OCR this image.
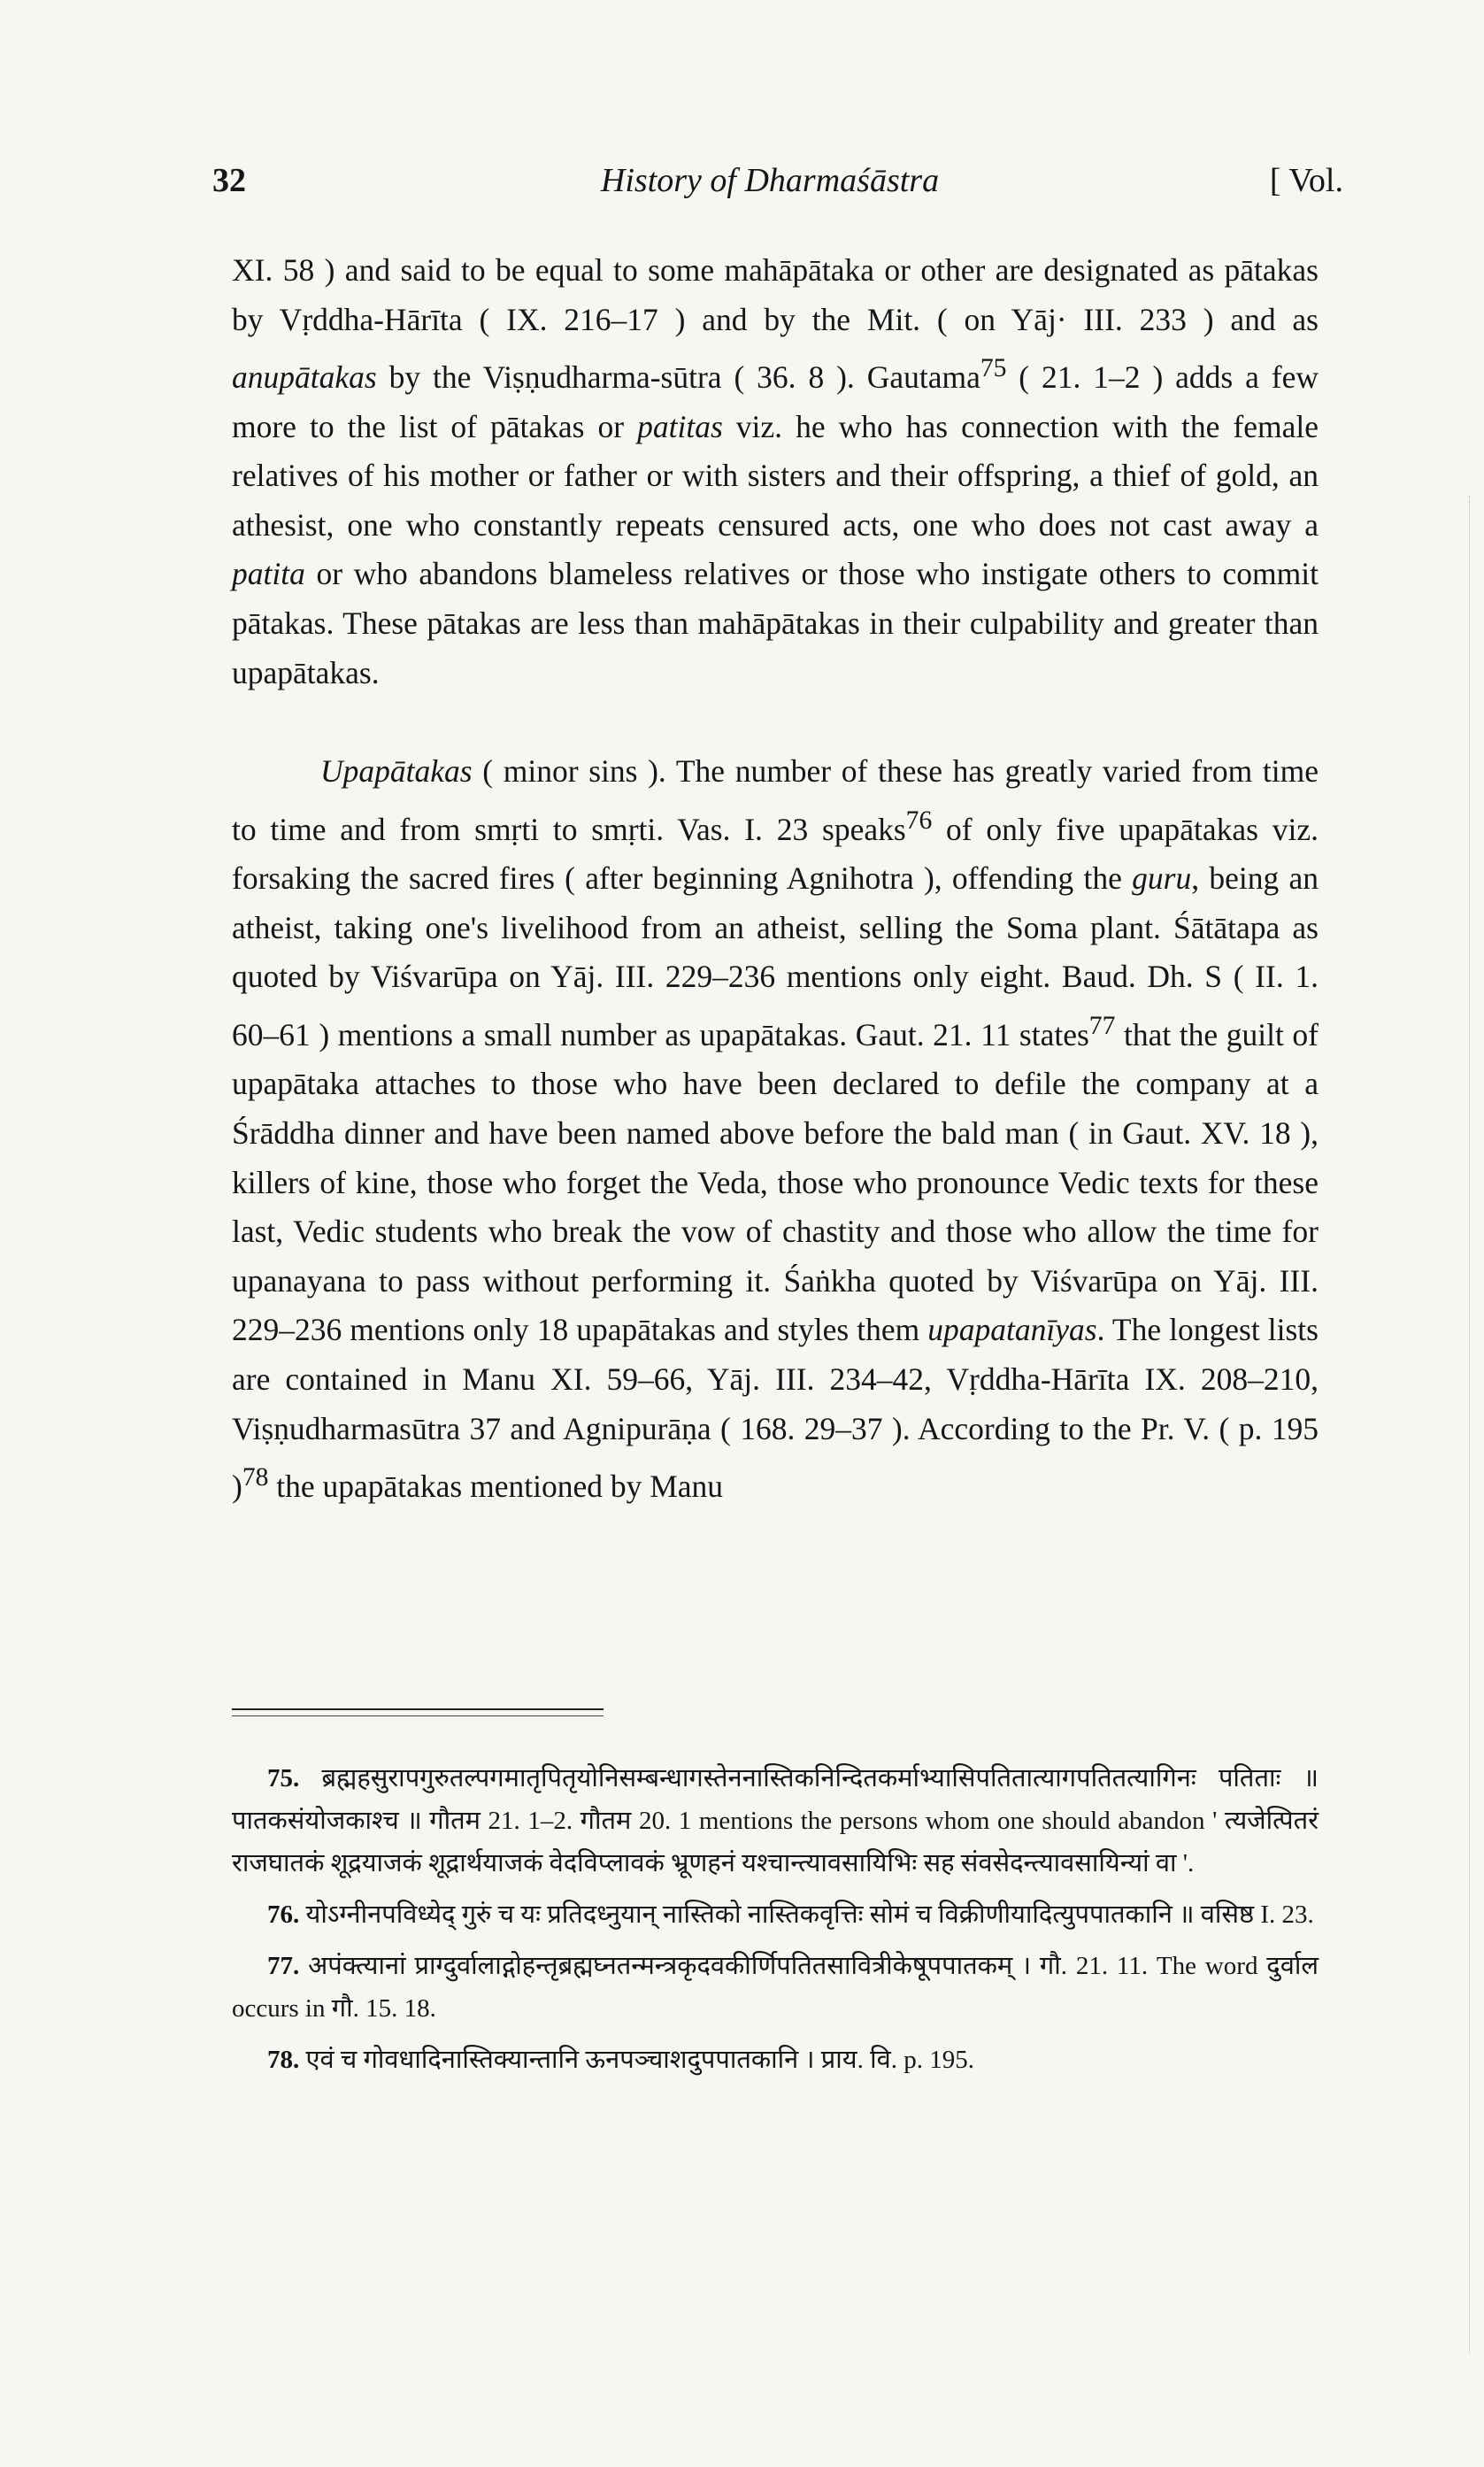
32	History of Dharmaśāstra	[ Vol.

XI. 58 ) and said to be equal to some mahāpātaka or other are designated as pātakas by Vṛddha-Hārīta ( IX. 216–17 ) and by the Mit. ( on Yāj· III. 233 ) and as anupātakas by the Viṣṇudharma-sūtra ( 36. 8 ). Gautama$^{75}$ ( 21. 1–2 ) adds a few more to the list of pātakas or patitas viz. he who has connection with the female relatives of his mother or father or with sisters and their offspring, a thief of gold, an athesist, one who constantly repeats censured acts, one who does not cast away a patita or who abandons blameless relatives or those who instigate others to commit pātakas. These pātakas are less than mahāpātakas in their culpability and greater than upapātakas.

Upapātakas ( minor sins ). The number of these has greatly varied from time to time and from smṛti to smṛti. Vas. I. 23 speaks$^{76}$ of only five upapātakas viz. forsaking the sacred fires ( after beginning Agnihotra ), offending the guru, being an atheist, taking one's livelihood from an atheist, selling the Soma plant. Śātātapa as quoted by Viśvarūpa on Yāj. III. 229–236 mentions only eight. Baud. Dh. S ( II. 1. 60–61 ) mentions a small number as upapātakas. Gaut. 21. 11 states$^{77}$ that the guilt of upapātaka attaches to those who have been declared to defile the company at a Śrāddha dinner and have been named above before the bald man ( in Gaut. XV. 18 ), killers of kine, those who forget the Veda, those who pronounce Vedic texts for these last, Vedic students who break the vow of chastity and those who allow the time for upanayana to pass without performing it. Śaṅkha quoted by Viśvarūpa on Yāj. III. 229–236 mentions only 18 upapātakas and styles them upapatanīyas. The longest lists are contained in Manu XI. 59–66, Yāj. III. 234–42, Vṛddha-Hārīta IX. 208–210, Viṣṇudharmasūtra 37 and Agnipurāṇa ( 168. 29–37 ). According to the Pr. V. ( p. 195 )$^{78}$ the upapātakas mentioned by Manu

75. ब्रह्महसुरापगुरुतल्पगमातृपितृयोनिसम्बन्धागस्तेननास्तिकनिन्दितकर्माभ्यासिपतितात्यागपतितत्यागिनः पतिताः ॥ पातकसंयोजकाश्च ॥ गौतम 21. 1–2. गौतम 20. 1 mentions the persons whom one should abandon ' त्यजेत्पितरं राजघातकं शूद्रयाजकं शूद्रार्थयाजकं वेदविप्लावकं भ्रूणहनं यश्चान्त्यावसायिभिः सह संवसेदन्त्यावसायिन्यां वा '.

76. योऽग्नीनपविध्येद् गुरुं च यः प्रतिदध्नुयान् नास्तिको नास्तिकवृत्तिः सोमं च विक्रीणीयादित्युपपातकानि ॥ वसिष्ठ I. 23.

77. अपंक्त्यानां प्राग्दुर्वालाद्गोहन्तृब्रह्मघ्नतन्मन्त्रकृदवकीर्णिपतितसावित्रीकेषूपपातकम् । गौ. 21. 11. The word दुर्वाल occurs in गौ. 15. 18.

78. एवं च गोवधादिनास्तिक्यान्तानि ऊनपञ्चाशदुपपातकानि । प्राय. वि. p. 195.
